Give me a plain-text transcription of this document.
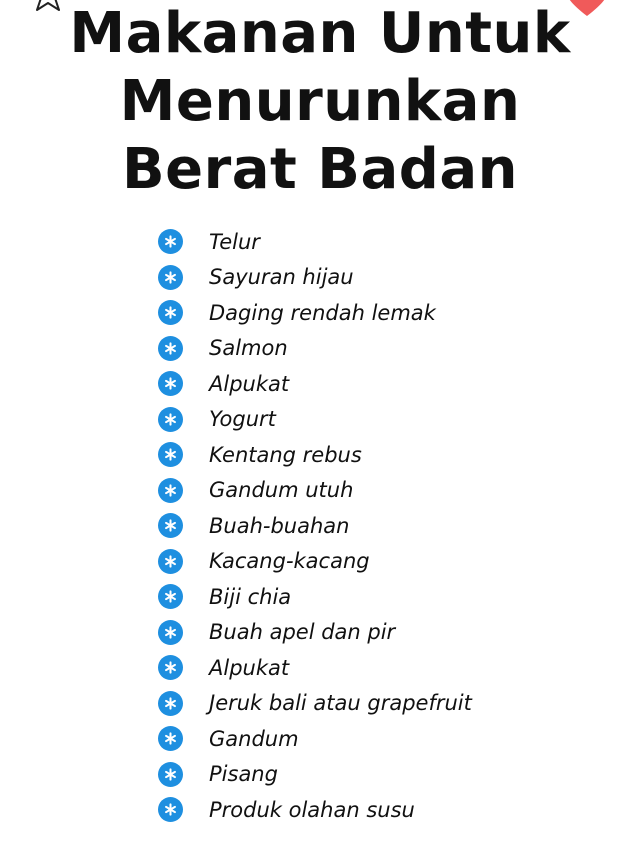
Makanan Untuk
Menurunkan
Berat Badan
Telur
Sayuran hijau
Daging rendah lemak
Salmon
Alpukat
Yogurt
Kentang rebus
Gandum utuh
Buah-buahan
Kacang-kacang
Biji chia
Buah apel dan pir
Alpukat
Jeruk bali atau grapefruit
Gandum
Pisang
Produk olahan susu
